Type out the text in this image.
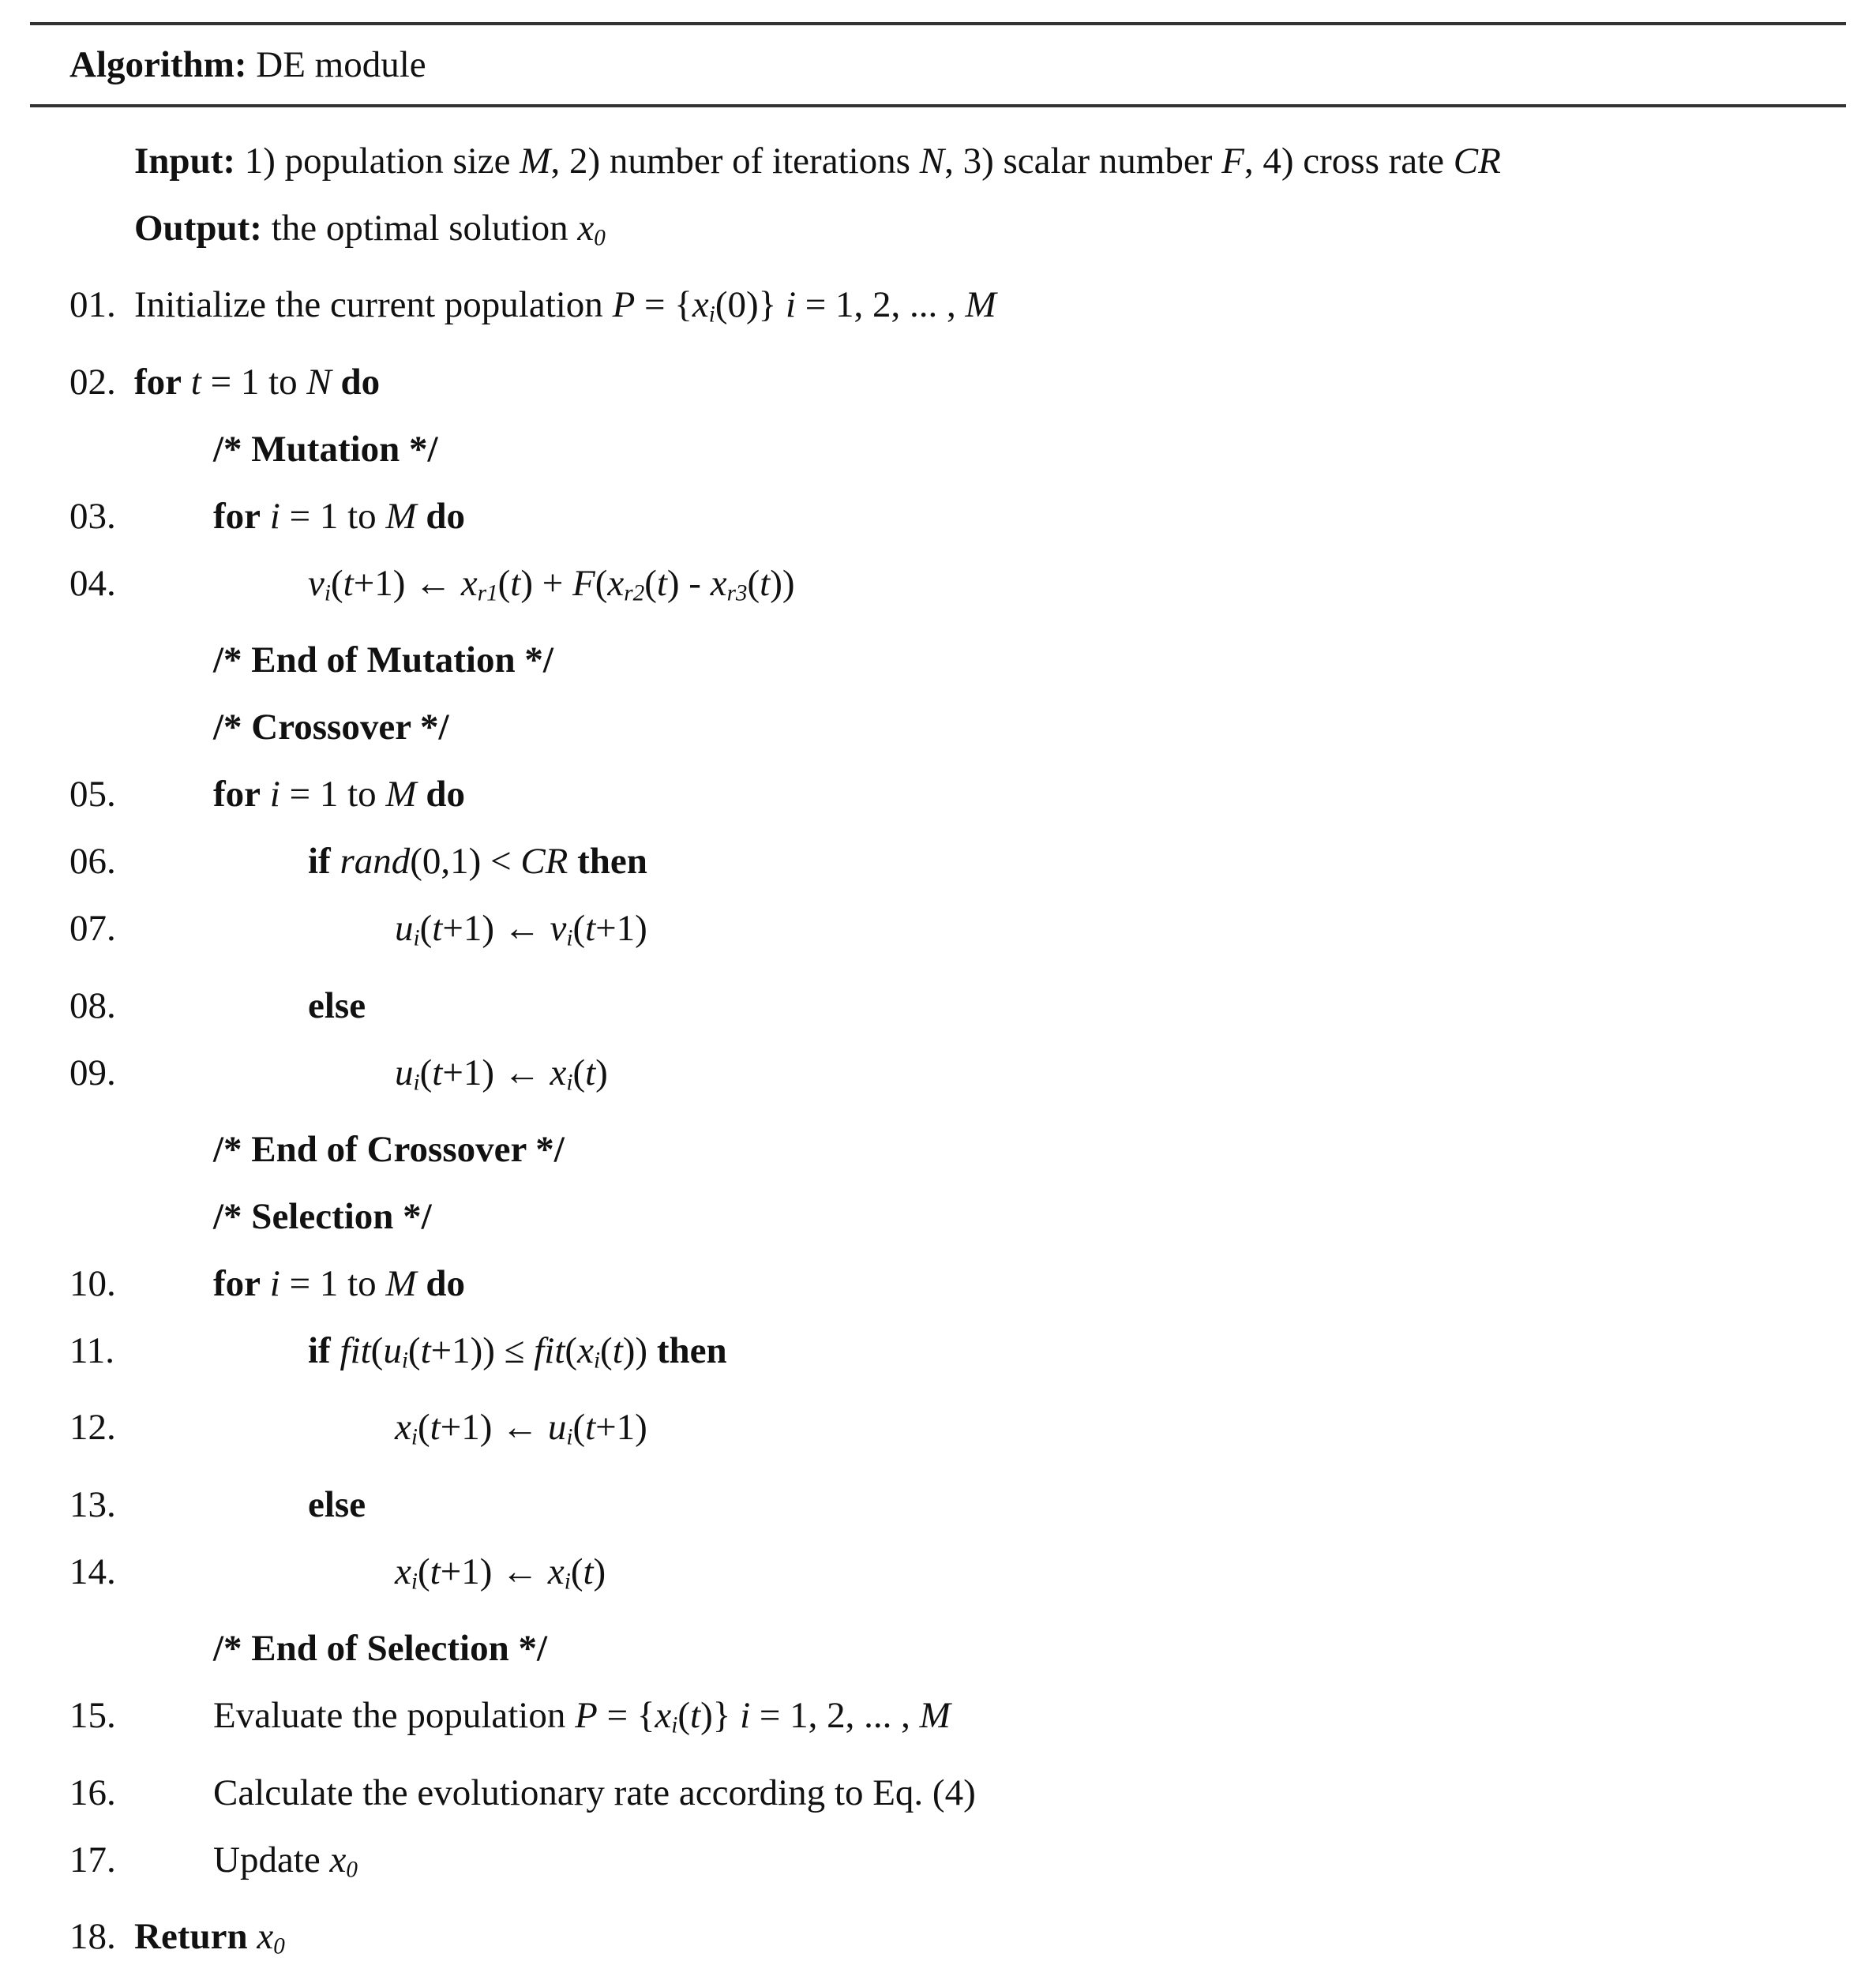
Algorithm: DE module
Input: 1) population size M, 2) number of iterations N, 3) scalar number F, 4) cross rate CR
Output: the optimal solution $x_0$
01. Initialize the current population $P = \{x_i(0)\} i = 1$, 2, ... , M
02. for t = 1 to N do
/* Mutation */
03.	for i = 1 to M do
04.	$v_i(t+1)$ ← $x_{r1}(t) + F(x_{r2}(t) - x_{r3}(t))$
/* End of Mutation */
/* Crossover */
05.	for i = 1 to M do
06.	if rand(0,1) < CR then
07.	$u_i(t+1)$ ← $v_i(t+1)$
08.	else
09.	$u_i(t+1)$ ← $x_i(t)$
/* End of Crossover */
/* Selection */
10.	for i = 1 to M do
11.	if $fit(u_i(t+1)) \le fit(x_i(t))$ then
12.	$x_i(t+1)$ ← $u_i(t+1)$
13.	else
14.	$x_i(t+1)$ ← $x_i(t)$
/* End of Selection */
15.	Evaluate the population $P = \{x_i(t)\} i = 1$, 2, ... , M
16.	Calculate the evolutionary rate according to Eq. (4)
17.	Update $x_0$
18. Return $x_0$
